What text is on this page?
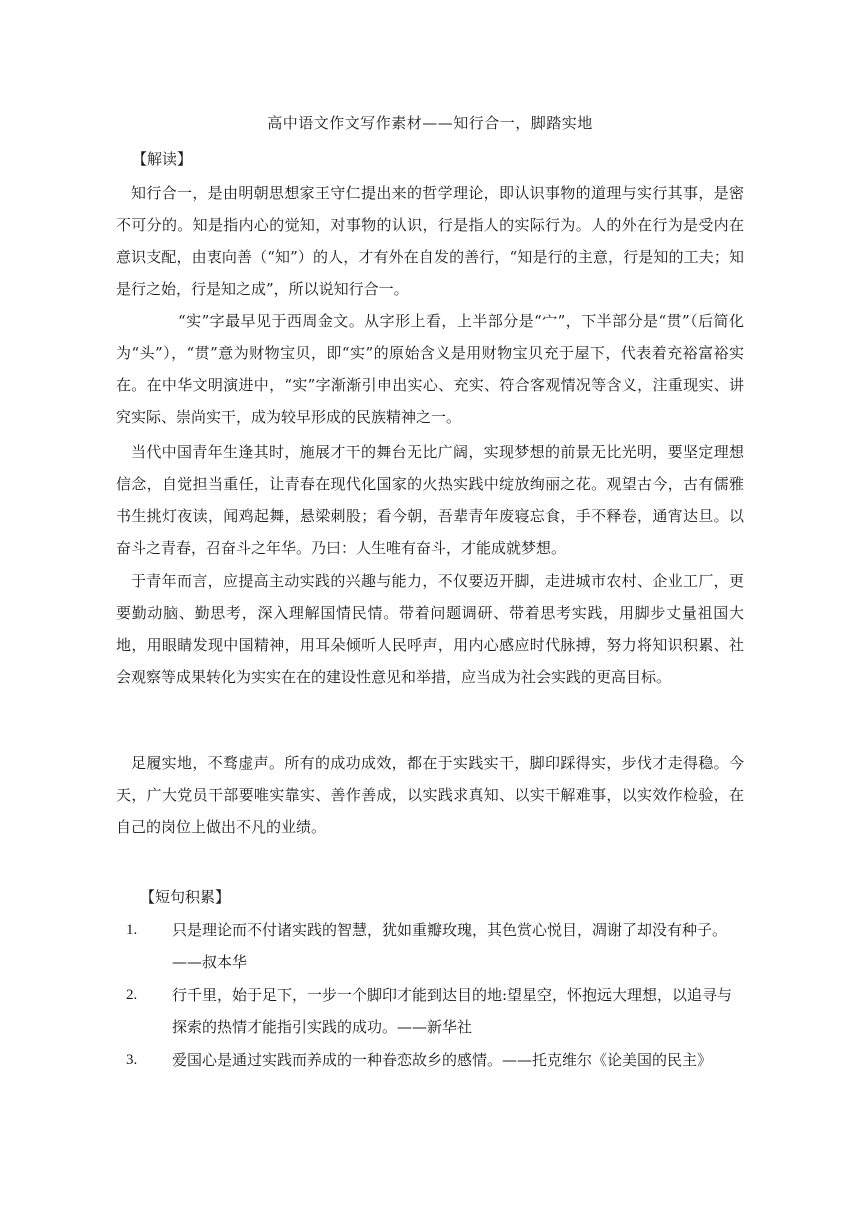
高中语文作文写作素材——知行合一，脚踏实地
【解读】

知行合一，是由明朝思想家王守仁提出来的哲学理论，即认识事物的道理与实行其事，是密不可分的。知是指内心的觉知，对事物的认识，行是指人的实际行为。人的外在行为是受内在意识支配，由衷向善（“知”）的人，才有外在自发的善行，“知是行的主意，行是知的工夫；知是行之始，行是知之成”，所以说知行合一。

“实”字最早见于西周金文。从字形上看，上半部分是“宀”，下半部分是“贯”（后简化为“头”），“贯”意为财物宝贝，即“实”的原始含义是用财物宝贝充于屋下，代表着充裕富裕实在。在中华文明演进中，“实”字渐渐引申出实心、充实、符合客观情况等含义，注重现实、讲究实际、崇尚实干，成为较早形成的民族精神之一。

当代中国青年生逢其时，施展才干的舞台无比广阔，实现梦想的前景无比光明，要坚定理想信念，自觉担当重任，让青春在现代化国家的火热实践中绽放绚丽之花。观望古今，古有儒雅书生挑灯夜读，闻鸡起舞，悬梁刺股；看今朝，吾辈青年废寝忘食，手不释卷，通宵达旦。以奋斗之青春，召奋斗之年华。乃曰：人生唯有奋斗，才能成就梦想。

于青年而言，应提高主动实践的兴趣与能力，不仅要迈开脚，走进城市农村、企业工厂，更要勤动脑、勤思考，深入理解国情民情。带着问题调研、带着思考实践，用脚步丈量祖国大地，用眼睛发现中国精神，用耳朵倾听人民呼声，用内心感应时代脉搏，努力将知识积累、社会观察等成果转化为实实在在的建设性意见和举措，应当成为社会实践的更高目标。

足履实地，不骛虚声。所有的成功成效，都在于实践实干，脚印踩得实，步伐才走得稳。今天，广大党员干部要唯实靠实、善作善成，以实践求真知、以实干解难事，以实效作检验，在自己的岗位上做出不凡的业绩。

【短句积累】
1.	只是理论而不付诸实践的智慧，犹如重瓣玫瑰，其色赏心悦目，凋谢了却没有种子。——叔本华
2.	行千里，始于足下，一步一个脚印才能到达目的地:望星空，怀抱远大理想，以追寻与探索的热情才能指引实践的成功。——新华社
3.	爱国心是通过实践而养成的一种眷恋故乡的感情。——托克维尔《论美国的民主》
